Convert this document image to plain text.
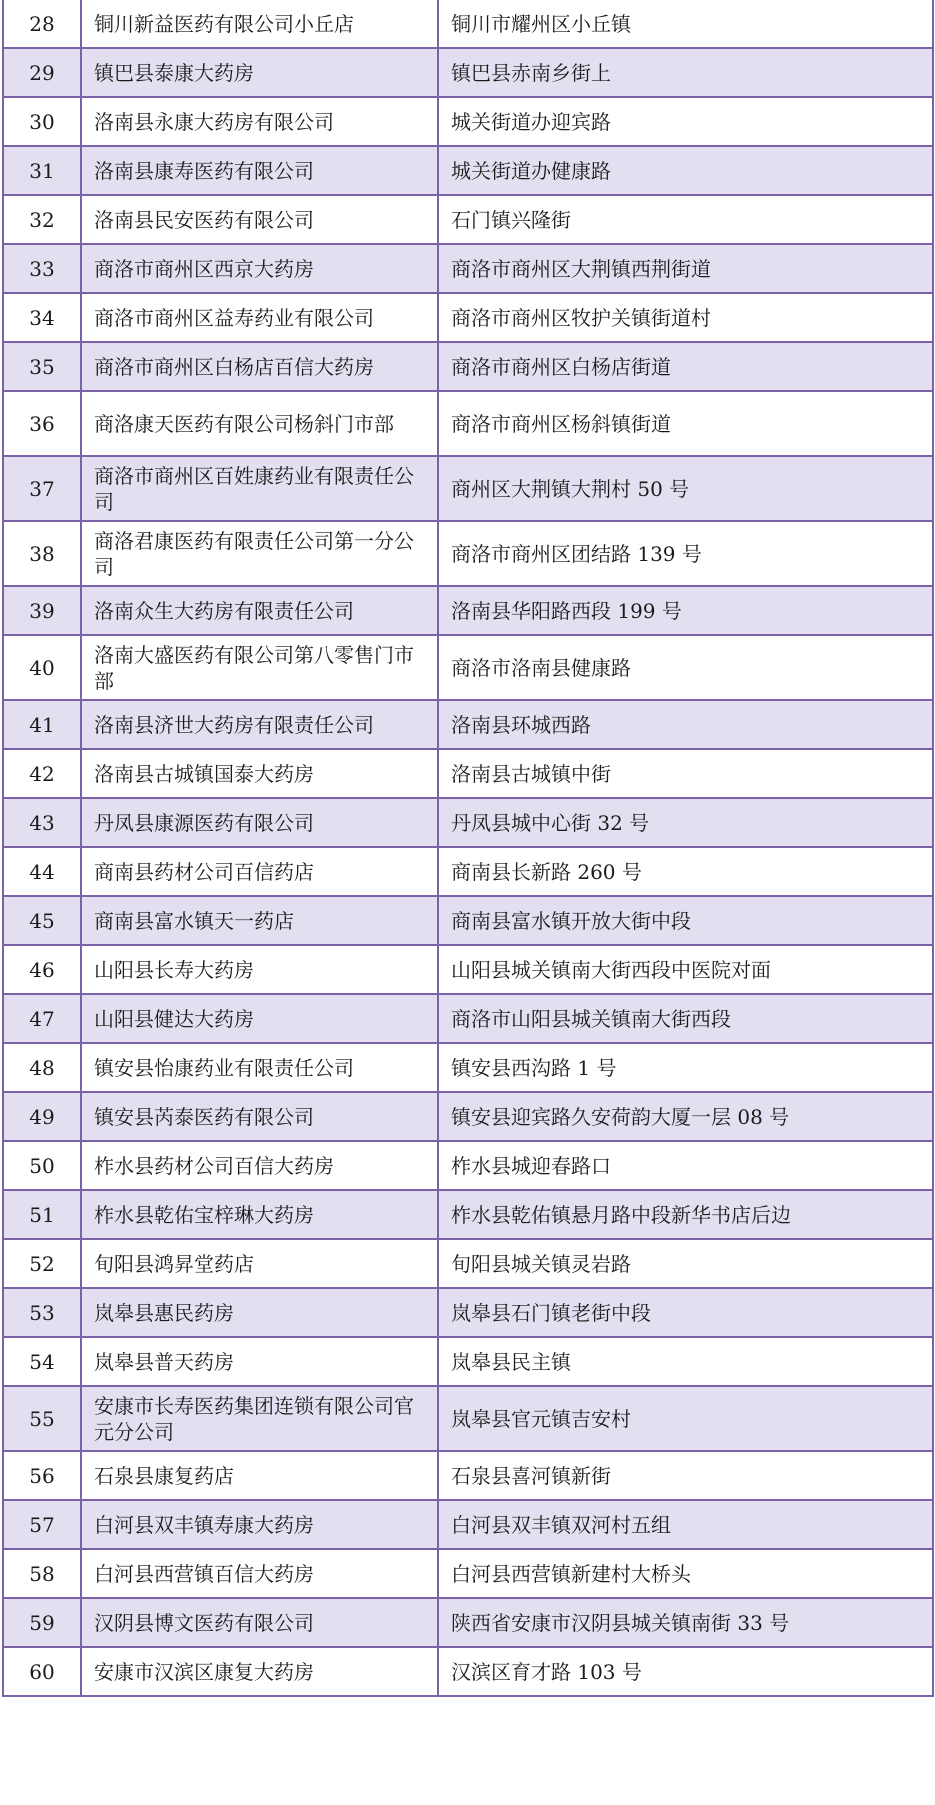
28	铜川新益医药有限公司小丘店	铜川市耀州区小丘镇
29	镇巴县泰康大药房	镇巴县赤南乡街上
30	洛南县永康大药房有限公司	城关街道办迎宾路
31	洛南县康寿医药有限公司	城关街道办健康路
32	洛南县民安医药有限公司	石门镇兴隆街
33	商洛市商州区西京大药房	商洛市商州区大荆镇西荆街道
34	商洛市商州区益寿药业有限公司	商洛市商州区牧护关镇街道村
35	商洛市商州区白杨店百信大药房	商洛市商州区白杨店街道
36	商洛康天医药有限公司杨斜门市部	商洛市商州区杨斜镇街道
37	商洛市商州区百姓康药业有限责任公司	商州区大荆镇大荆村 50 号
38	商洛君康医药有限责任公司第一分公司	商洛市商州区团结路 139 号
39	洛南众生大药房有限责任公司	洛南县华阳路西段 199 号
40	洛南大盛医药有限公司第八零售门市部	商洛市洛南县健康路
41	洛南县济世大药房有限责任公司	洛南县环城西路
42	洛南县古城镇国泰大药房	洛南县古城镇中街
43	丹凤县康源医药有限公司	丹凤县城中心街 32 号
44	商南县药材公司百信药店	商南县长新路 260 号
45	商南县富水镇天一药店	商南县富水镇开放大街中段
46	山阳县长寿大药房	山阳县城关镇南大街西段中医院对面
47	山阳县健达大药房	商洛市山阳县城关镇南大街西段
48	镇安县怡康药业有限责任公司	镇安县西沟路 1 号
49	镇安县芮泰医药有限公司	镇安县迎宾路久安荷韵大厦一层 08 号
50	柞水县药材公司百信大药房	柞水县城迎春路口
51	柞水县乾佑宝梓琳大药房	柞水县乾佑镇悬月路中段新华书店后边
52	旬阳县鸿昇堂药店	旬阳县城关镇灵岩路
53	岚皋县惠民药房	岚皋县石门镇老街中段
54	岚皋县普天药房	岚皋县民主镇
55	安康市长寿医药集团连锁有限公司官元分公司	岚皋县官元镇吉安村
56	石泉县康复药店	石泉县喜河镇新街
57	白河县双丰镇寿康大药房	白河县双丰镇双河村五组
58	白河县西营镇百信大药房	白河县西营镇新建村大桥头
59	汉阴县博文医药有限公司	陕西省安康市汉阴县城关镇南街 33 号
60	安康市汉滨区康复大药房	汉滨区育才路 103 号
